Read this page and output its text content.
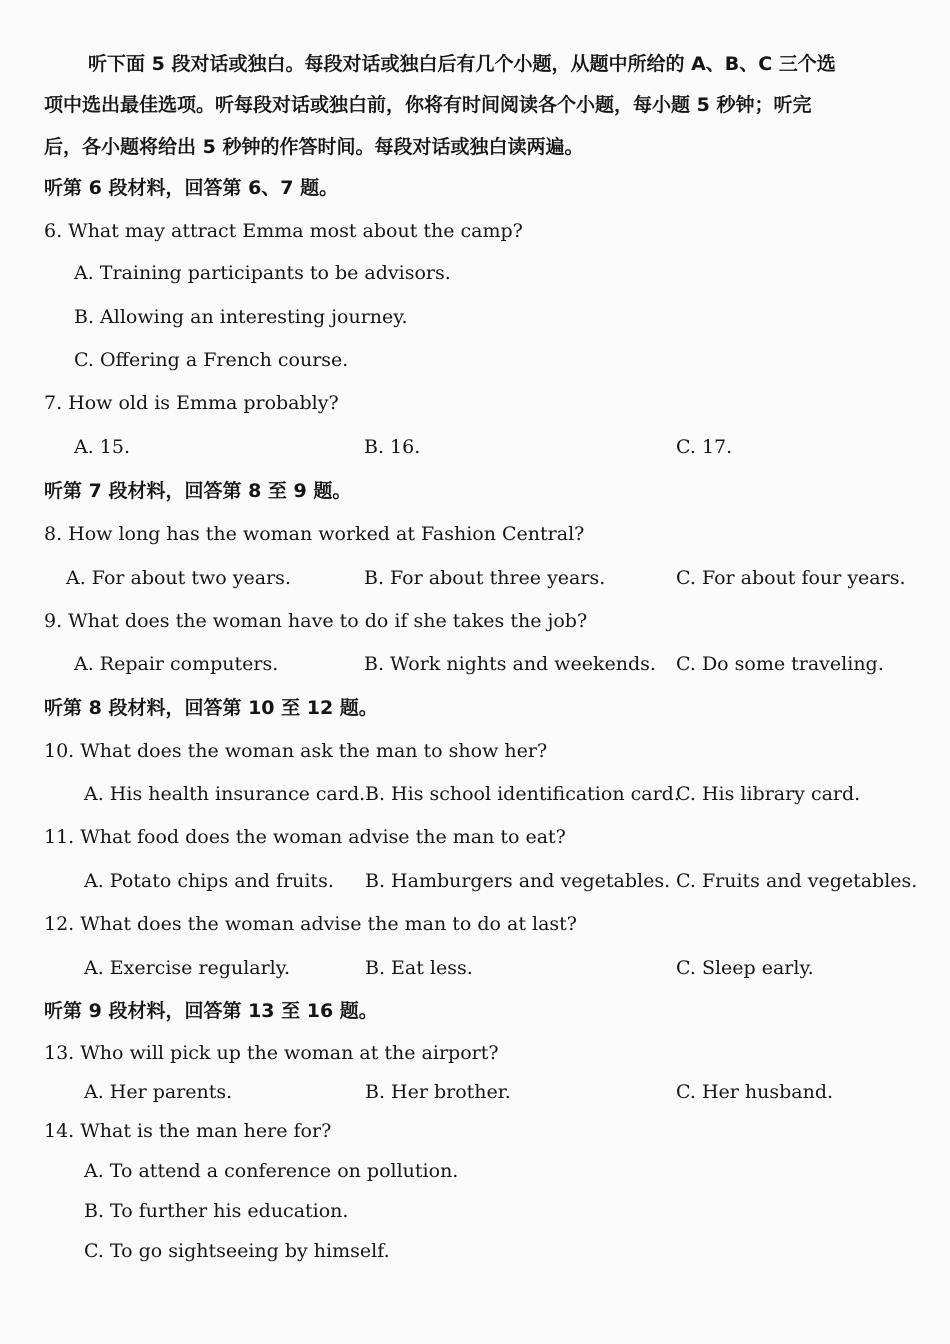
听下面 5 段对话或独白。每段对话或独白后有几个小题，从题中所给的 A、B、C 三个选
项中选出最佳选项。听每段对话或独白前，你将有时间阅读各个小题，每小题 5 秒钟；听完
后，各小题将给出 5 秒钟的作答时间。每段对话或独白读两遍。
听第 6 段材料，回答第 6、7 题。
6. What may attract Emma most about the camp?
A. Training participants to be advisors.
B. Allowing an interesting journey.
C. Offering a French course.
7. How old is Emma probably?
A. 15.	B. 16.	C. 17.
听第 7 段材料，回答第 8 至 9 题。
8. How long has the woman worked at Fashion Central?
A. For about two years.	B. For about three years.	C. For about four years.
9. What does the woman have to do if she takes the job?
A. Repair computers.	B. Work nights and weekends. C. Do some traveling.
听第 8 段材料，回答第 10 至 12 题。
10. What does the woman ask the man to show her?
A. His health insurance card. B. His school identification card.
C. His library card.
11. What food does the woman advise the man to eat?
A. Potato chips and fruits. B. Hamburgers and vegetables. C. Fruits and vegetables.
12. What does the woman advise the man to do at last?
A. Exercise regularly.	B. Eat less.	C. Sleep early.
听第 9 段材料，回答第 13 至 16 题。
13. Who will pick up the woman at the airport?
A. Her parents.	B. Her brother.	C. Her husband.
14. What is the man here for?
A. To attend a conference on pollution.
B. To further his education.
C. To go sightseeing by himself.
